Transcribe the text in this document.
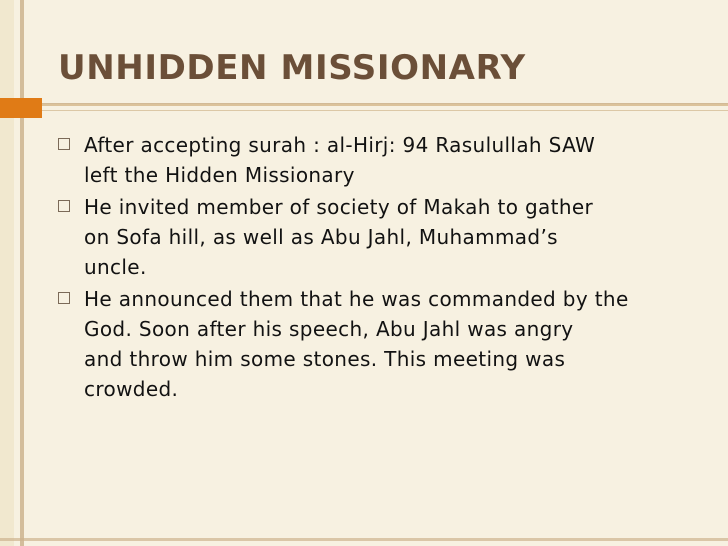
UNHIDDEN MISSIONARY
After accepting surah : al-Hirj: 94 Rasulullah SAW
left the Hidden Missionary
He invited member of society of Makah to gather
on Sofa hill, as well as Abu Jahl, Muhammad’s
uncle.
He announced them that he was commanded by the
God. Soon after his speech, Abu Jahl was angry
and throw him some stones. This meeting was
crowded.
